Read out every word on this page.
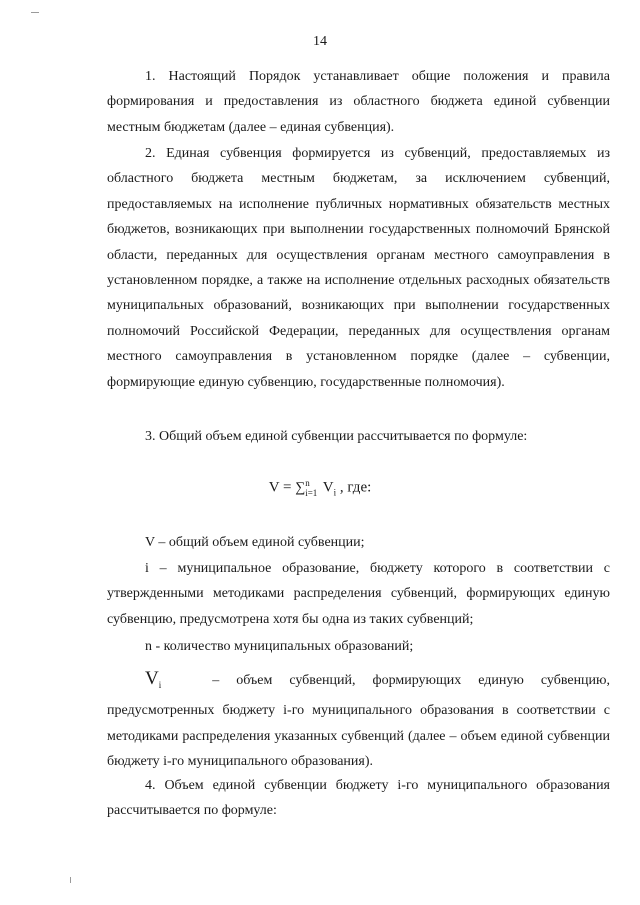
14

1. Настоящий Порядок устанавливает общие положения и правила формирования и предоставления из областного бюджета единой субвенции местным бюджетам (далее – единая субвенция).

2. Единая субвенция формируется из субвенций, предоставляемых из областного бюджета местным бюджетам, за исключением субвенций, предоставляемых на исполнение публичных нормативных обязательств местных бюджетов, возникающих при выполнении государственных полномочий Брянской области, переданных для осуществления органам местного самоуправления в установленном порядке, а также на исполнение отдельных расходных обязательств муниципальных образований, возникающих при выполнении государственных полномочий Российской Федерации, переданных для осуществления органам местного самоуправления в установленном порядке (далее – субвенции, формирующие единую субвенцию, государственные полномочия).

3. Общий объем единой субвенции рассчитывается по формуле:

V = ∑n
i=1 $V_i$ , где:

V – общий объем единой субвенции;

i – муниципальное образование, бюджету которого в соответствии с утвержденными методиками распределения субвенций, формирующих единую субвенцию, предусмотрена хотя бы одна из таких субвенций;

n - количество муниципальных образований;

$V_i$	– объем субвенций, формирующих единую субвенцию, предусмотренных бюджету i-го муниципального образования в соответствии с методиками распределения указанных субвенций (далее – объем единой субвенции бюджету i-го муниципального образования).

4. Объем единой субвенции бюджету i-го муниципального образования рассчитывается по формуле:
